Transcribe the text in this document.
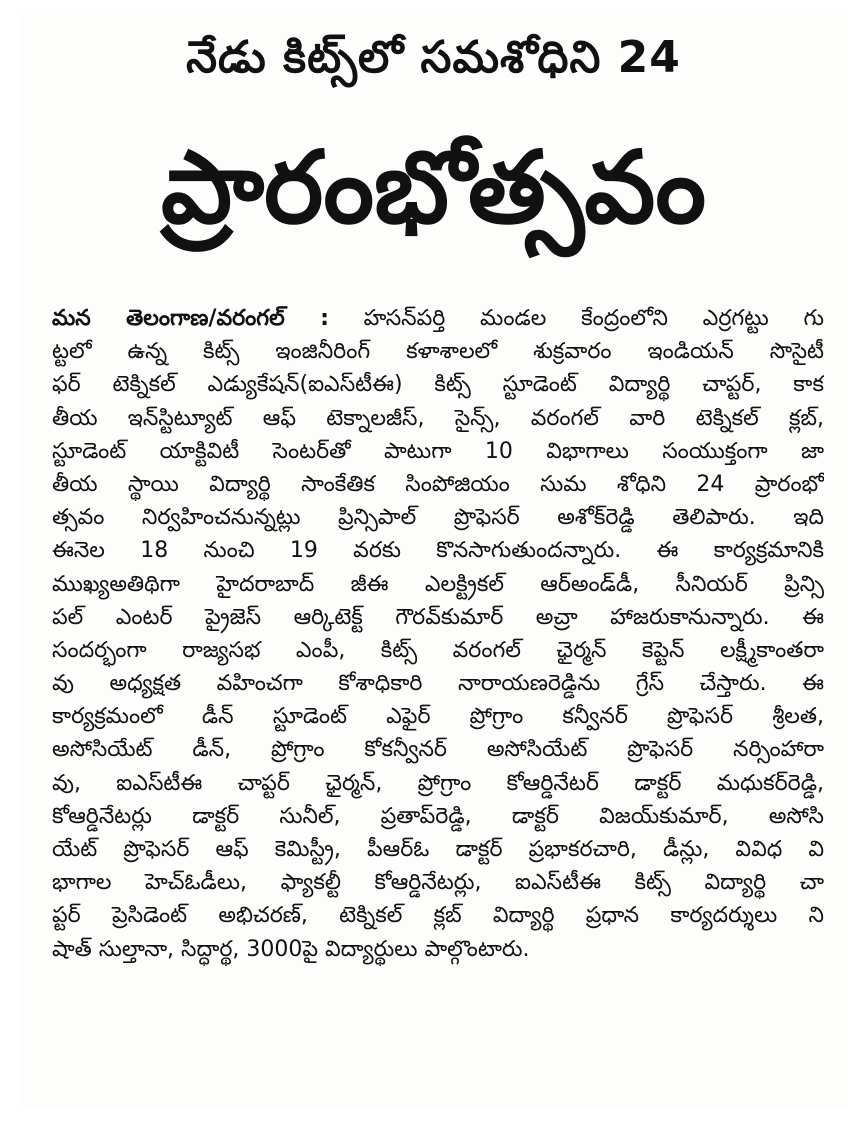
నేడు కిట్స్‌లో సమశోధిని 24
ప్రారంభోత్సవం
మన తెలంగాణ/వరంగల్ : హసన్‌పర్తి మండల కేంద్రంలోని ఎర్రగట్టు గు
ట్టలో ఉన్న కిట్స్ ఇంజినీరింగ్ కళాశాలలో శుక్రవారం ఇండియన్ సొసైటీ
ఫర్ టెక్నికల్ ఎడ్యుకేషన్(ఐఎస్‌టీఈ) కిట్స్ స్టూడెంట్ విద్యార్థి చాప్టర్, కాక
తీయ ఇన్‌స్టిట్యూట్ ఆఫ్ టెక్నాలజీస్, సైన్స్, వరంగల్ వారి టెక్నికల్ క్లబ్,
స్టూడెంట్ యాక్టివిటీ సెంటర్‌తో పాటుగా 10 విభాగాలు సంయుక్తంగా జా
తీయ స్థాయి విద్యార్థి సాంకేతిక సింపోజియం సుమ శోధిని 24 ప్రారంభో
త్సవం నిర్వహించనున్నట్లు ప్రిన్సిపాల్ ప్రొఫెసర్ అశోక్‌రెడ్డి తెలిపారు. ఇది
ఈనెల 18 నుంచి 19 వరకు కొనసాగుతుందన్నారు. ఈ కార్యక్రమానికి
ముఖ్యఅతిథిగా హైదరాబాద్ జీఈ ఎలక్ట్రికల్ ఆర్‌అండ్‌డీ, సీనియర్ ప్రిన్సి
పల్ ఎంటర్ ప్రైజెస్ ఆర్కిటెక్ట్ గౌరవ్‌కుమార్ అచ్రా హాజరుకానున్నారు. ఈ
సందర్భంగా రాజ్యసభ ఎంపీ, కిట్స్ వరంగల్ ఛైర్మన్ కెప్టెన్ లక్ష్మీకాంతరా
వు అధ్యక్షత వహించగా కోశాధికారి నారాయణరెడ్డిను గ్రేస్ చేస్తారు. ఈ
కార్యక్రమంలో డీన్ స్టూడెంట్ ఎఫైర్ ప్రోగ్రాం కన్వీనర్ ప్రొఫెసర్ శ్రీలత,
అసోసియేట్ డీన్, ప్రోగ్రాం కోకన్వీనర్ అసోసియేట్ ప్రొఫెసర్ నర్సింహారా
వు, ఐఎస్‌టీఈ చాప్టర్ ఛైర్మన్, ప్రోగ్రాం కోఆర్డినేటర్ డాక్టర్ మధుకర్‌రెడ్డి,
కోఆర్డినేటర్లు డాక్టర్ సునీల్, ప్రతాప్‌రెడ్డి, డాక్టర్ విజయ్‌కుమార్, అసోసి
యేట్ ప్రొఫెసర్ ఆఫ్ కెమిస్ట్రీ, పీఆర్‌ఓ డాక్టర్ ప్రభాకరచారి, డీన్లు, వివిధ వి
భాగాల హెచ్‌ఓడీలు, ఫ్యాకల్టీ కోఆర్డినేటర్లు, ఐఎస్‌టీఈ కిట్స్ విద్యార్థి చా
ప్టర్ ప్రెసిడెంట్ అభిచరణ్, టెక్నికల్ క్లబ్ విద్యార్థి ప్రధాన కార్యదర్శులు ని
షాత్ సుల్తానా, సిద్ధార్థ, 3000పై విద్యార్థులు పాల్గొంటారు.
